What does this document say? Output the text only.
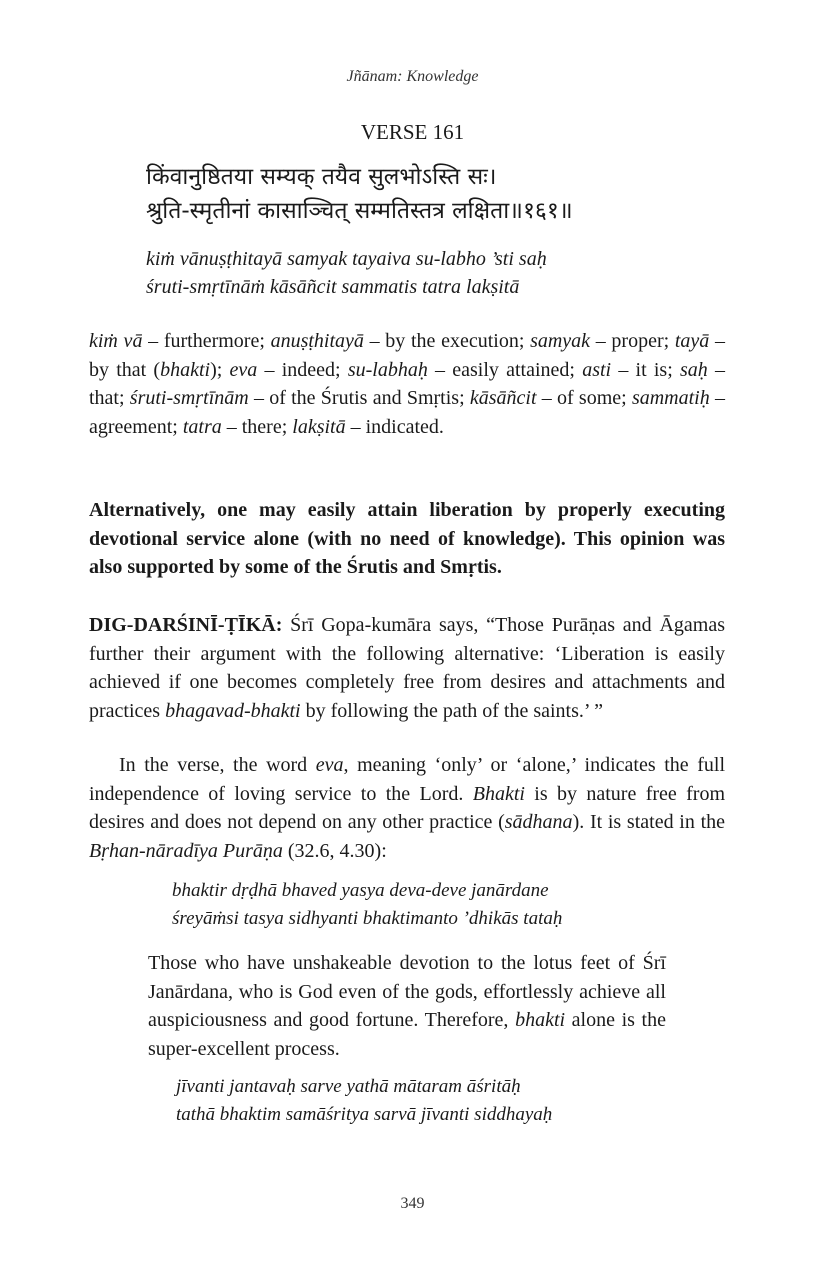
Jñānam: Knowledge
VERSE 161
किंवानुष्ठितया सम्यक् तयैव सुलभोऽस्ति सः।
श्रुति-स्मृतीनां कासाञ्चित् सम्मतिस्तत्र लक्षिता॥१६१॥
kiṁ vānuṣṭhitayā samyak tayaiva su-labho ’sti saḥ
śruti-smṛtīnāṁ kāsāñcit sammatis tatra lakṣitā
kiṁ vā – furthermore; anuṣṭhitayā – by the execution; samyak – proper; tayā – by that (bhakti); eva – indeed; su-labhaḥ – easily attained; asti – it is; saḥ – that; śruti-smṛtīnām – of the Śrutis and Smṛtis; kāsāñcit – of some; sammatiḥ – agreement; tatra – there; lakṣitā – indicated.
Alternatively, one may easily attain liberation by properly executing devotional service alone (with no need of knowledge). This opinion was also supported by some of the Śrutis and Smṛtis.
DIG-DARŚINĪ-ṬĪKĀ: Śrī Gopa-kumāra says, “Those Purāṇas and Āgamas further their argument with the following alternative: ‘Liberation is easily achieved if one becomes completely free from desires and attachments and practices bhagavad-bhakti by following the path of the saints.’ ”
In the verse, the word eva, meaning ‘only’ or ‘alone,’ indicates the full independence of loving service to the Lord. Bhakti is by nature free from desires and does not depend on any other practice (sādhana). It is stated in the Bṛhan-nāradīya Purāṇa (32.6, 4.30):
bhaktir dṛḍhā bhaved yasya deva-deve janārdane
śreyāṁsi tasya sidhyanti bhaktimanto ’dhikās tataḥ
Those who have unshakeable devotion to the lotus feet of Śrī Janārdana, who is God even of the gods, effortlessly achieve all auspiciousness and good fortune. Therefore, bhakti alone is the super-excellent process.
jīvanti jantavaḥ sarve yathā mātaram āśritāḥ
tathā bhaktim samāśritya sarvā jīvanti siddhayaḥ
349
